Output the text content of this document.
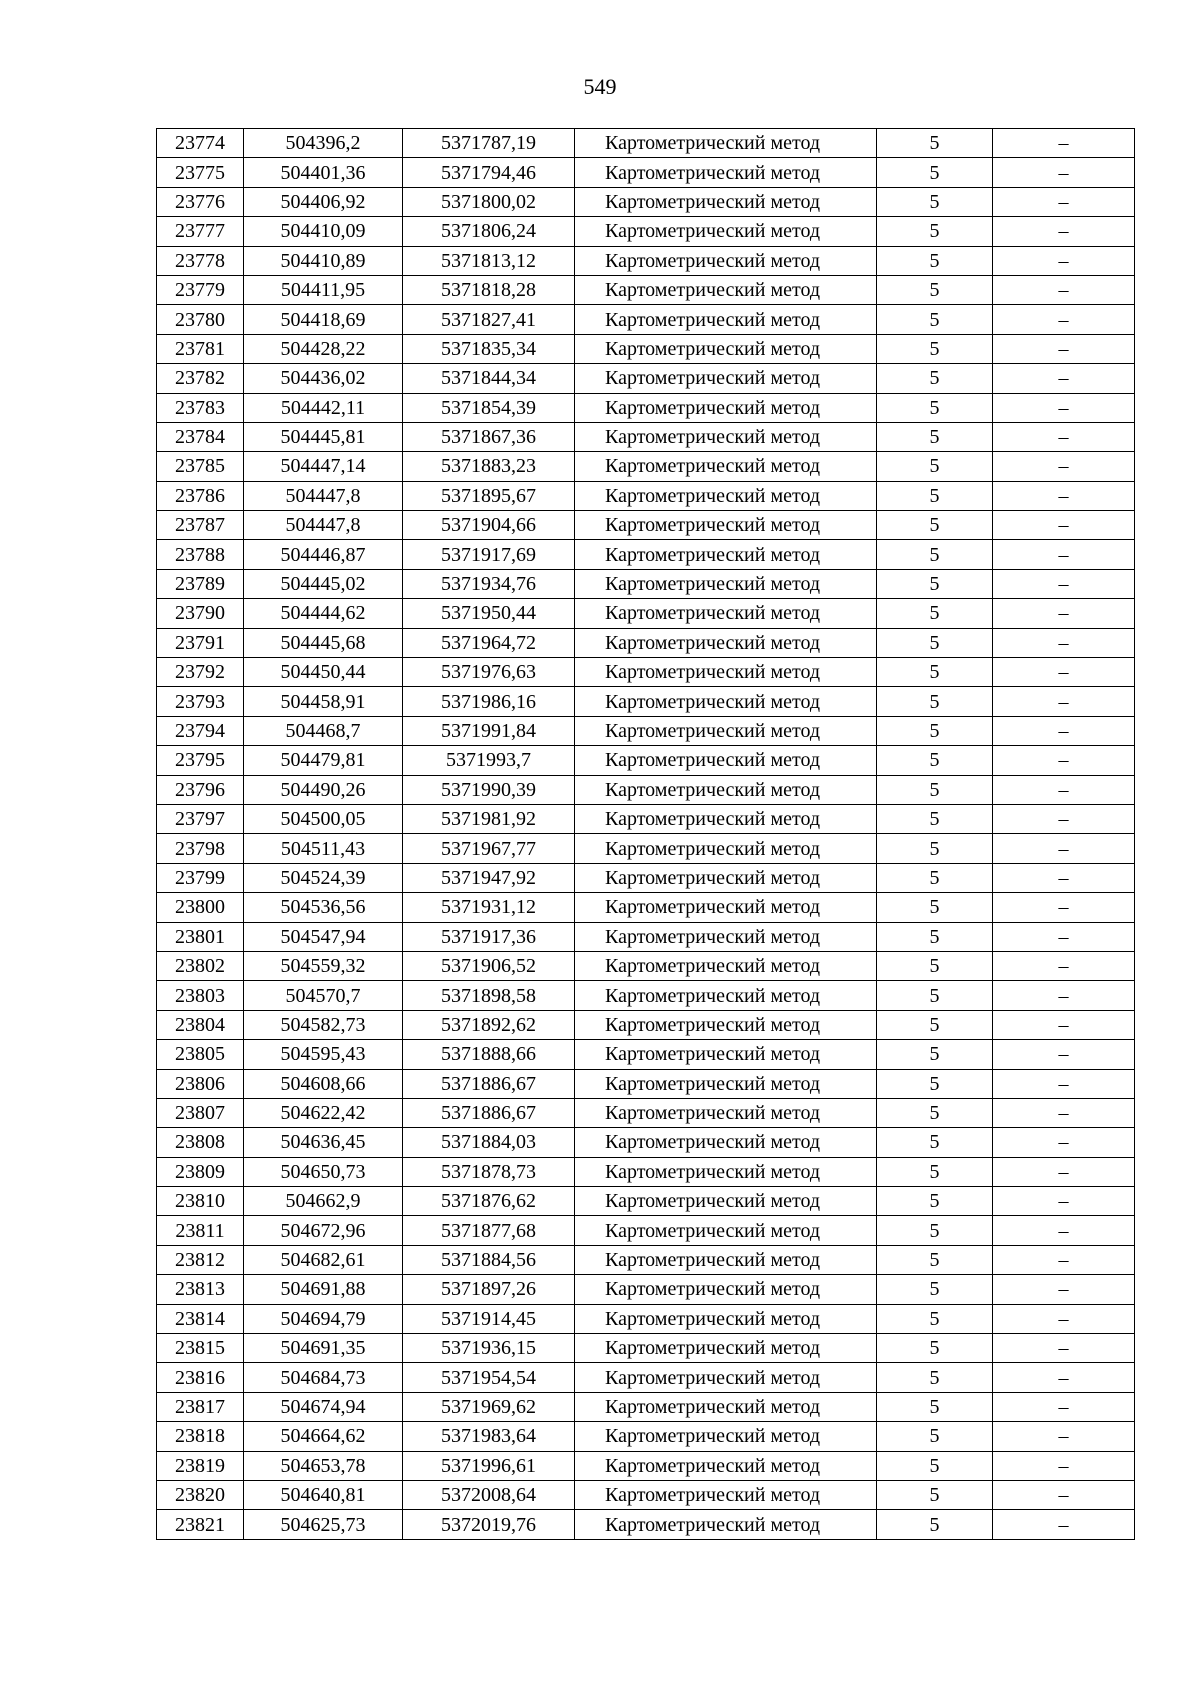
549
23774	504396,2	5371787,19	Картометрический метод	5	–
23775	504401,36	5371794,46	Картометрический метод	5	–
23776	504406,92	5371800,02	Картометрический метод	5	–
23777	504410,09	5371806,24	Картометрический метод	5	–
23778	504410,89	5371813,12	Картометрический метод	5	–
23779	504411,95	5371818,28	Картометрический метод	5	–
23780	504418,69	5371827,41	Картометрический метод	5	–
23781	504428,22	5371835,34	Картометрический метод	5	–
23782	504436,02	5371844,34	Картометрический метод	5	–
23783	504442,11	5371854,39	Картометрический метод	5	–
23784	504445,81	5371867,36	Картометрический метод	5	–
23785	504447,14	5371883,23	Картометрический метод	5	–
23786	504447,8	5371895,67	Картометрический метод	5	–
23787	504447,8	5371904,66	Картометрический метод	5	–
23788	504446,87	5371917,69	Картометрический метод	5	–
23789	504445,02	5371934,76	Картометрический метод	5	–
23790	504444,62	5371950,44	Картометрический метод	5	–
23791	504445,68	5371964,72	Картометрический метод	5	–
23792	504450,44	5371976,63	Картометрический метод	5	–
23793	504458,91	5371986,16	Картометрический метод	5	–
23794	504468,7	5371991,84	Картометрический метод	5	–
23795	504479,81	5371993,7	Картометрический метод	5	–
23796	504490,26	5371990,39	Картометрический метод	5	–
23797	504500,05	5371981,92	Картометрический метод	5	–
23798	504511,43	5371967,77	Картометрический метод	5	–
23799	504524,39	5371947,92	Картометрический метод	5	–
23800	504536,56	5371931,12	Картометрический метод	5	–
23801	504547,94	5371917,36	Картометрический метод	5	–
23802	504559,32	5371906,52	Картометрический метод	5	–
23803	504570,7	5371898,58	Картометрический метод	5	–
23804	504582,73	5371892,62	Картометрический метод	5	–
23805	504595,43	5371888,66	Картометрический метод	5	–
23806	504608,66	5371886,67	Картометрический метод	5	–
23807	504622,42	5371886,67	Картометрический метод	5	–
23808	504636,45	5371884,03	Картометрический метод	5	–
23809	504650,73	5371878,73	Картометрический метод	5	–
23810	504662,9	5371876,62	Картометрический метод	5	–
23811	504672,96	5371877,68	Картометрический метод	5	–
23812	504682,61	5371884,56	Картометрический метод	5	–
23813	504691,88	5371897,26	Картометрический метод	5	–
23814	504694,79	5371914,45	Картометрический метод	5	–
23815	504691,35	5371936,15	Картометрический метод	5	–
23816	504684,73	5371954,54	Картометрический метод	5	–
23817	504674,94	5371969,62	Картометрический метод	5	–
23818	504664,62	5371983,64	Картометрический метод	5	–
23819	504653,78	5371996,61	Картометрический метод	5	–
23820	504640,81	5372008,64	Картометрический метод	5	–
23821	504625,73	5372019,76	Картометрический метод	5	–
